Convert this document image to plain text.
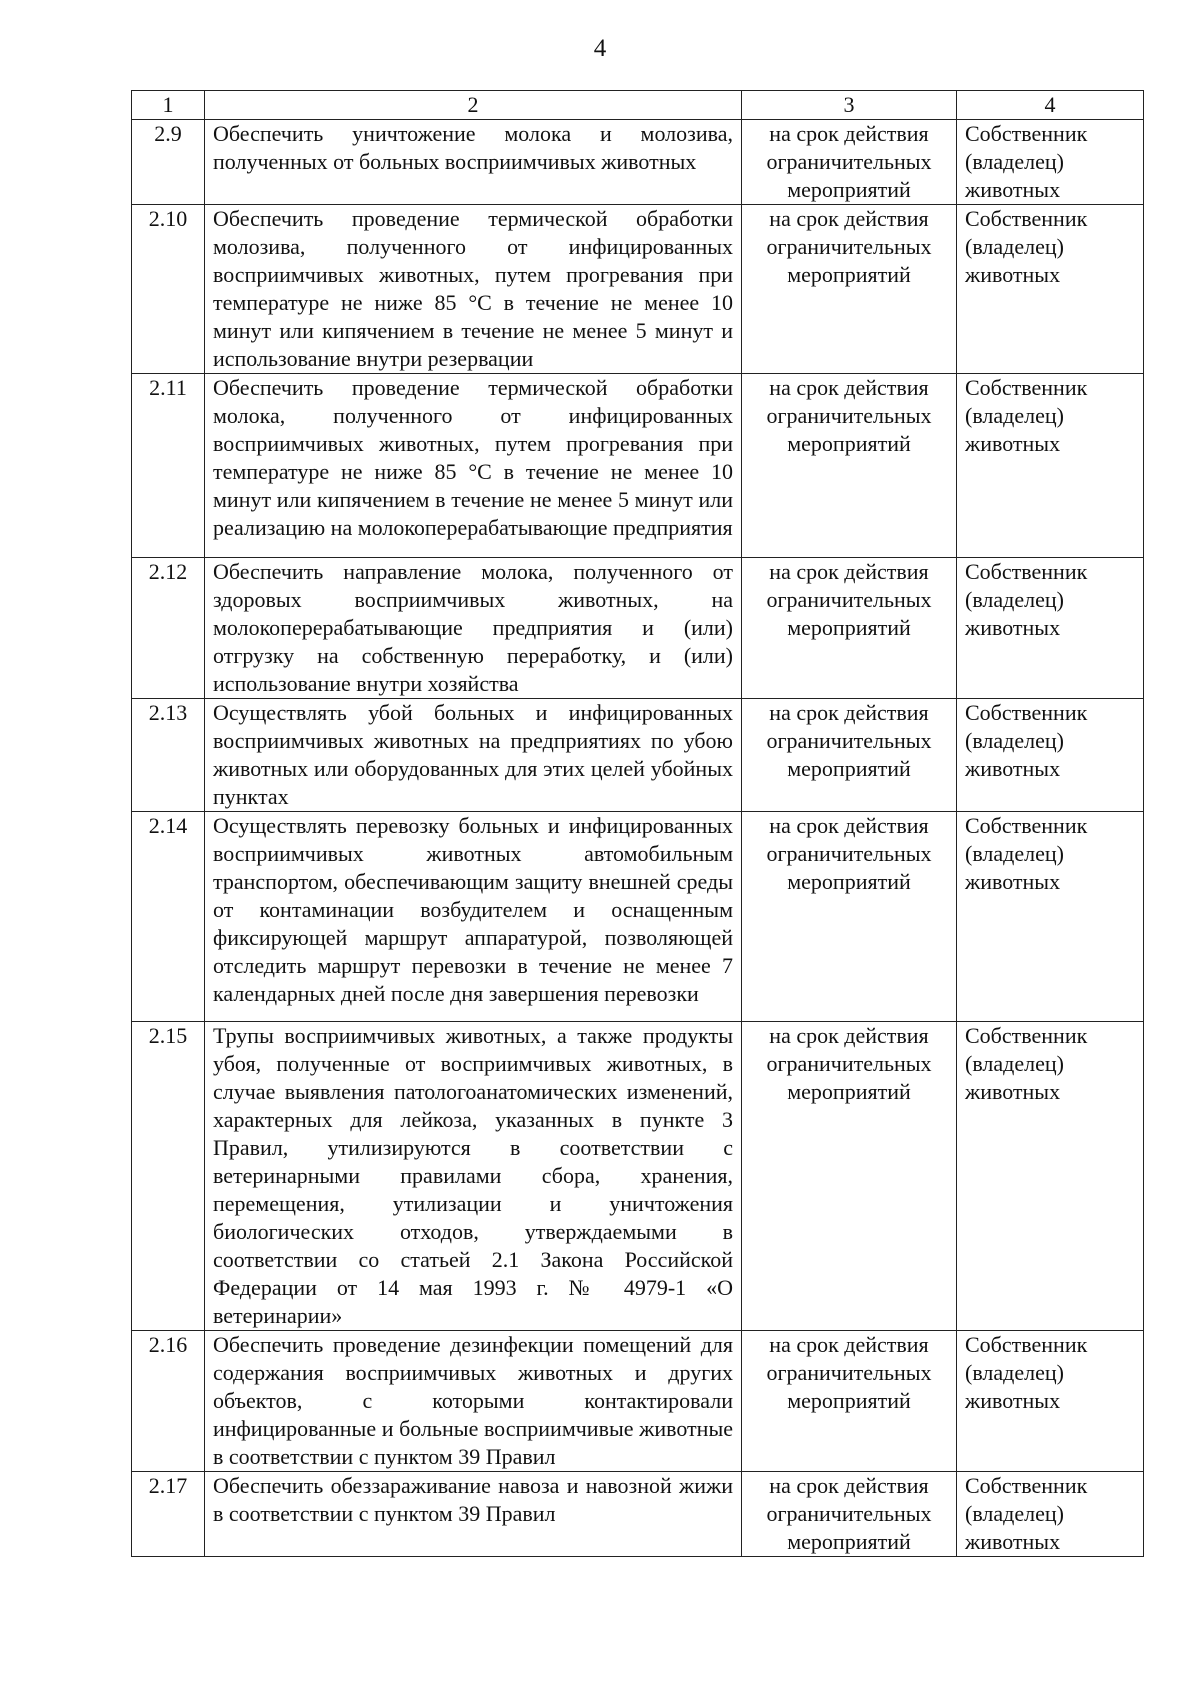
4
1	2	3	4

2.9	Обеспечить уничтожение молока и молозива, полученных от больных восприимчивых животных	на срок действия ограничительных мероприятий	Собственник (владелец) животных

2.10	Обеспечить проведение термической обработки молозива, полученного от инфицированных восприимчивых животных, путем прогревания при температуре не ниже 85 °С в течение не менее 10 минут или кипячением в течение не менее 5 минут и использование внутри резервации	на срок действия ограничительных мероприятий	Собственник (владелец) животных

2.11	Обеспечить проведение термической обработки молока, полученного от инфицированных восприимчивых животных, путем прогревания при температуре не ниже 85 °С в течение не менее 10 минут или кипячением в течение не менее 5 минут или реализацию на молокоперерабатывающие предприятия	на срок действия ограничительных мероприятий	Собственник (владелец) животных

2.12	Обеспечить направление молока, полученного от здоровых восприимчивых животных, на молокоперерабатывающие предприятия и (или) отгрузку на собственную переработку, и (или) использование внутри хозяйства	на срок действия ограничительных мероприятий	Собственник (владелец) животных

2.13	Осуществлять убой больных и инфицированных восприимчивых животных на предприятиях по убою животных или оборудованных для этих целей убойных пунктах	на срок действия ограничительных мероприятий	Собственник (владелец) животных

2.14	Осуществлять перевозку больных и инфицированных восприимчивых животных автомобильным транспортом, обеспечивающим защиту внешней среды от контаминации возбудителем и оснащенным фиксирующей маршрут аппаратурой, позволяющей отследить маршрут перевозки в течение не менее 7 календарных дней после дня завершения перевозки	на срок действия ограничительных мероприятий	Собственник (владелец) животных

2.15	Трупы восприимчивых животных, а также продукты убоя, полученные от восприимчивых животных, в случае выявления патологоанатомических изменений, характерных для лейкоза, указанных в пункте 3 Правил, утилизируются в соответствии с ветеринарными правилами сбора, хранения, перемещения, утилизации и уничтожения биологических отходов, утверждаемыми в соответствии со статьей 2.1 Закона Российской Федерации от 14 мая 1993 г. № 4979-1 «О ветеринарии»	на срок действия ограничительных мероприятий	Собственник (владелец) животных

2.16	Обеспечить проведение дезинфекции помещений для содержания восприимчивых животных и других объектов, с которыми контактировали инфицированные и больные восприимчивые животные в соответствии с пунктом 39 Правил	на срок действия ограничительных мероприятий	Собственник (владелец) животных

2.17	Обеспечить обеззараживание навоза и навозной жижи в соответствии с пунктом 39 Правил	на срок действия ограничительных мероприятий	Собственник (владелец) животных
